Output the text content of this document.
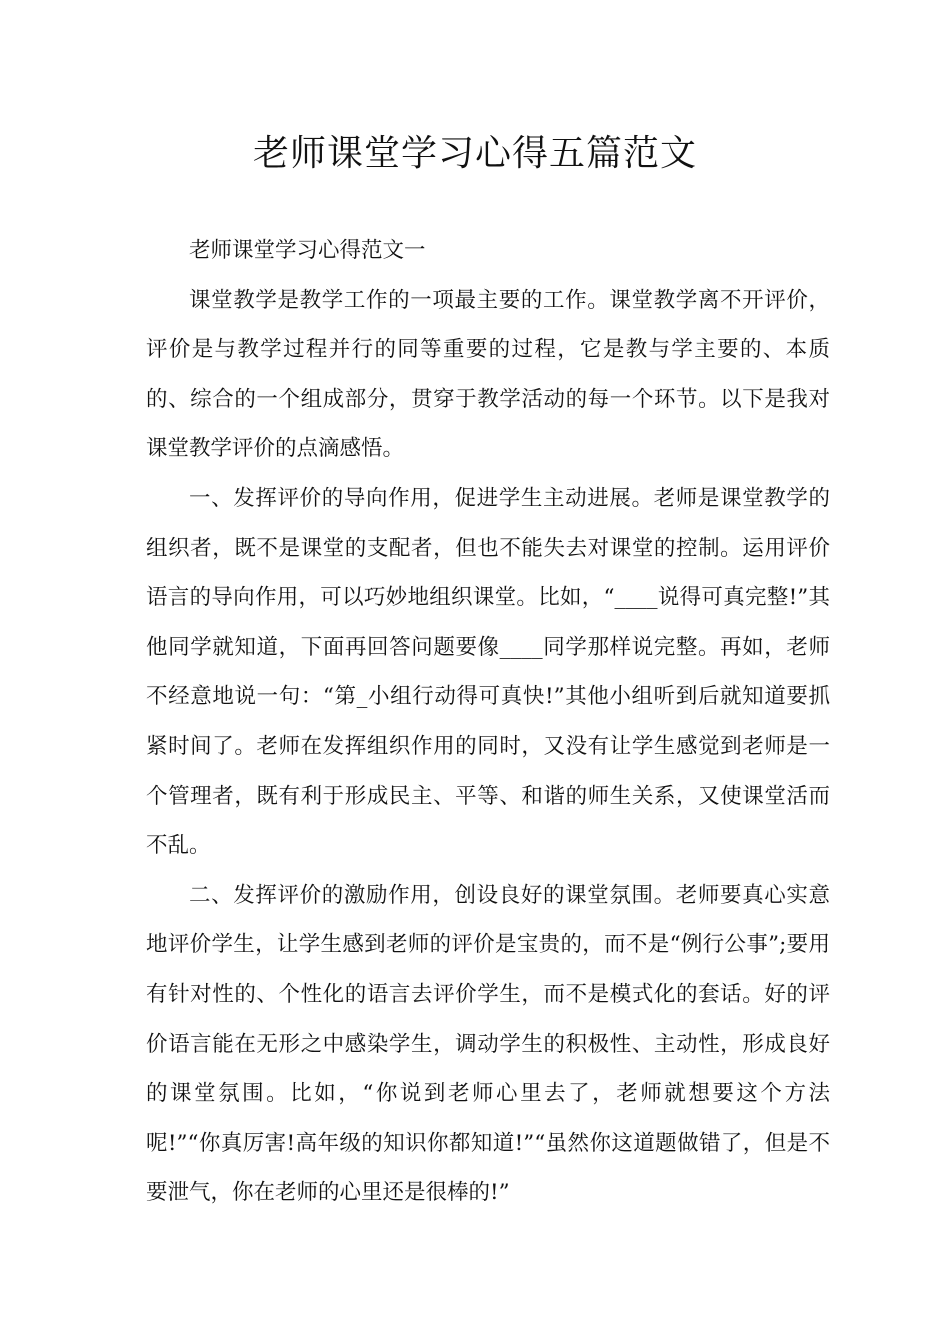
老师课堂学习心得五篇范文

老师课堂学习心得范文一

课堂教学是教学工作的一项最主要的工作。课堂教学离不开评价，评价是与教学过程并行的同等重要的过程，它是教与学主要的、本质的、综合的一个组成部分，贯穿于教学活动的每一个环节。以下是我对课堂教学评价的点滴感悟。

一、发挥评价的导向作用，促进学生主动进展。老师是课堂教学的组织者，既不是课堂的支配者，但也不能失去对课堂的控制。运用评价语言的导向作用，可以巧妙地组织课堂。比如，“____说得可真完整!”其他同学就知道，下面再回答问题要像____同学那样说完整。再如，老师不经意地说一句：“第_小组行动得可真快!”其他小组听到后就知道要抓紧时间了。老师在发挥组织作用的同时，又没有让学生感觉到老师是一个管理者，既有利于形成民主、平等、和谐的师生关系，又使课堂活而不乱。

二、发挥评价的激励作用，创设良好的课堂氛围。老师要真心实意地评价学生，让学生感到老师的评价是宝贵的，而不是“例行公事”;要用有针对性的、个性化的语言去评价学生，而不是模式化的套话。好的评价语言能在无形之中感染学生，调动学生的积极性、主动性，形成良好的课堂氛围。比如，“你说到老师心里去了，老师就想要这个方法呢!”“你真厉害!高年级的知识你都知道!”“虽然你这道题做错了，但是不要泄气，你在老师的心里还是很棒的!”
